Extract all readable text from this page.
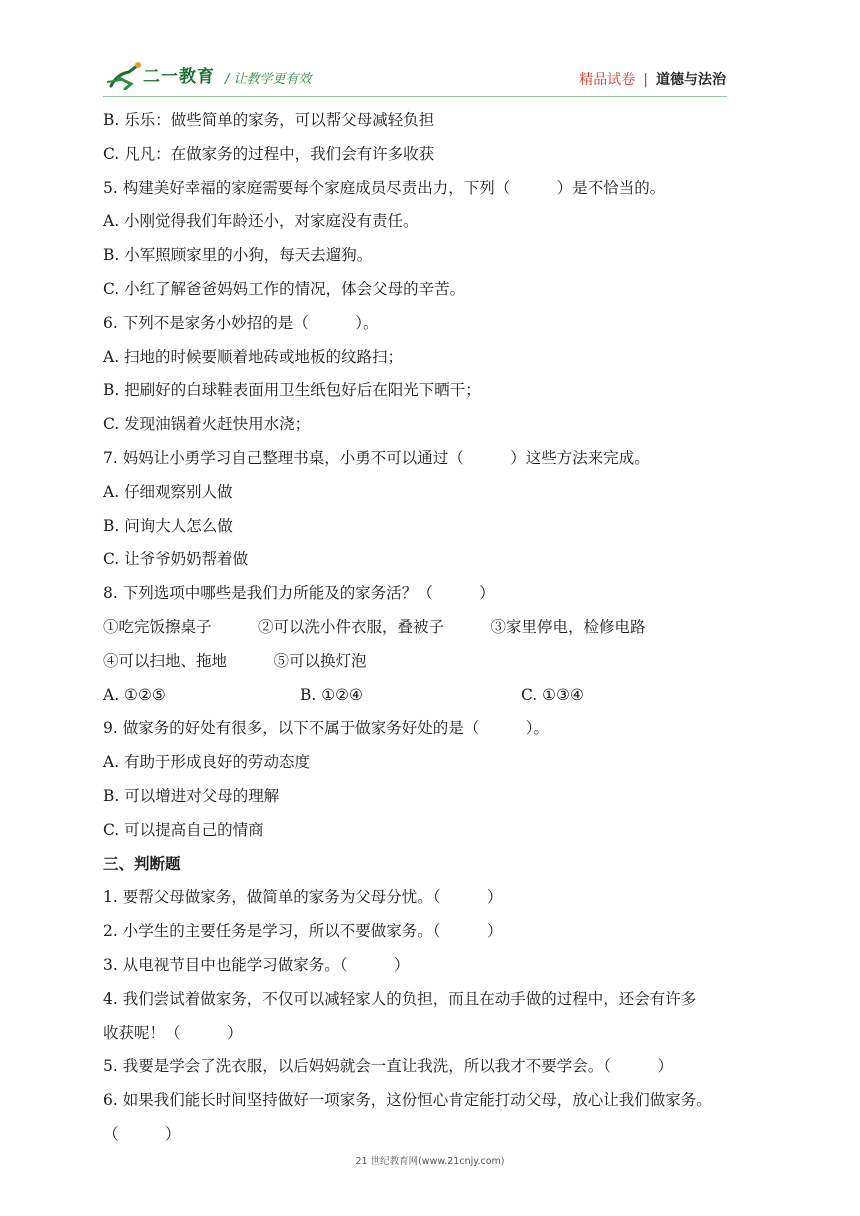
二一教育 / 让教学更有效	精品试卷 | 道德与法治
B. 乐乐：做些简单的家务，可以帮父母减轻负担
C. 凡凡：在做家务的过程中，我们会有许多收获
5. 构建美好幸福的家庭需要每个家庭成员尽责出力，下列（　　　）是不恰当的。
A. 小刚觉得我们年龄还小，对家庭没有责任。
B. 小军照顾家里的小狗，每天去遛狗。
C. 小红了解爸爸妈妈工作的情况，体会父母的辛苦。
6. 下列不是家务小妙招的是（　　　）。
A. 扫地的时候要顺着地砖或地板的纹路扫；
B. 把刷好的白球鞋表面用卫生纸包好后在阳光下晒干；
C. 发现油锅着火赶快用水浇；
7. 妈妈让小勇学习自己整理书桌，小勇不可以通过（　　　）这些方法来完成。
A. 仔细观察别人做
B. 问询大人怎么做
C. 让爷爷奶奶帮着做
8. 下列选项中哪些是我们力所能及的家务活？（　　　）
①吃完饭擦桌子　　　②可以洗小件衣服，叠被子　　　③家里停电，检修电路
④可以扫地、拖地　　　⑤可以换灯泡
A. ①②⑤	B. ①②④	C. ①③④
9. 做家务的好处有很多，以下不属于做家务好处的是（　　　）。
A. 有助于形成良好的劳动态度
B. 可以增进对父母的理解
C. 可以提高自己的情商
三、判断题
1. 要帮父母做家务，做简单的家务为父母分忧。（　　　）
2. 小学生的主要任务是学习，所以不要做家务。（　　　）
3. 从电视节目中也能学习做家务。（　　　）
4. 我们尝试着做家务，不仅可以减轻家人的负担，而且在动手做的过程中，还会有许多
收获呢！（　　　）
5. 我要是学会了洗衣服，以后妈妈就会一直让我洗，所以我才不要学会。（　　　）
6. 如果我们能长时间坚持做好一项家务，这份恒心肯定能打动父母，放心让我们做家务。
（　　　）
21 世纪教育网(www.21cnjy.com)
